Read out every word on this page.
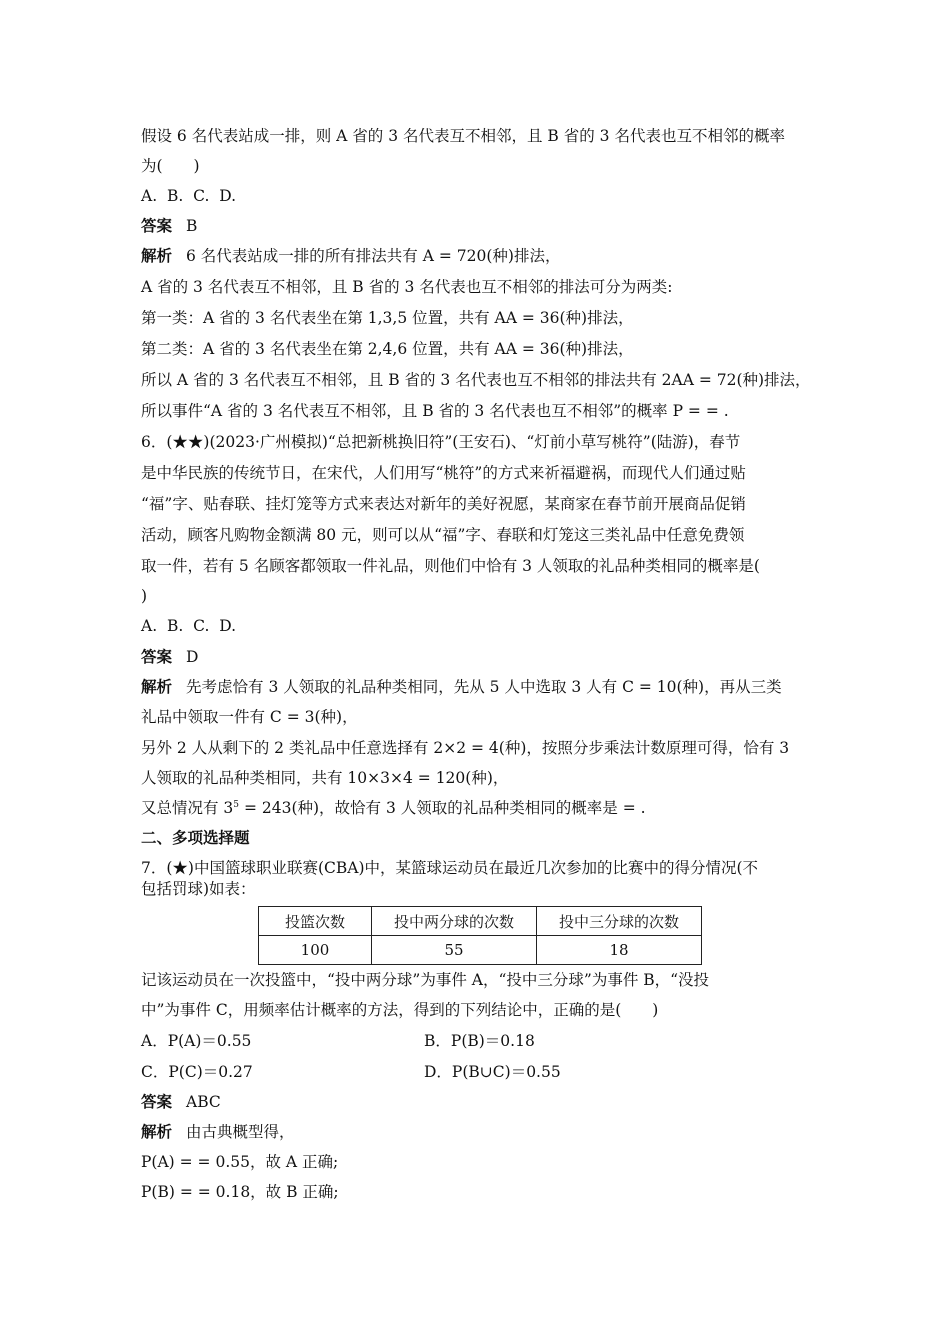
假设 6 名代表站成一排，则 A 省的 3 名代表互不相邻，且 B 省的 3 名代表也互不相邻的概率
为(　　)
A.  B.  C.  D.
答案 B
解析 6 名代表站成一排的所有排法共有 A = 720(种)排法，
A 省的 3 名代表互不相邻，且 B 省的 3 名代表也互不相邻的排法可分为两类:
第一类：A 省的 3 名代表坐在第 1,3,5 位置，共有 AA = 36(种)排法，
第二类：A 省的 3 名代表坐在第 2,4,6 位置，共有 AA = 36(种)排法，
所以 A 省的 3 名代表互不相邻，且 B 省的 3 名代表也互不相邻的排法共有 2AA = 72(种)排法，
所以事件“A 省的 3 名代表互不相邻，且 B 省的 3 名代表也互不相邻”的概率 P = = .
6．(★★)(2023·广州模拟)“总把新桃换旧符”(王安石)、“灯前小草写桃符”(陆游)，春节
是中华民族的传统节日，在宋代，人们用写“桃符”的方式来祈福避祸，而现代人们通过贴
“福”字、贴春联、挂灯笼等方式来表达对新年的美好祝愿，某商家在春节前开展商品促销
活动，顾客凡购物金额满 80 元，则可以从“福”字、春联和灯笼这三类礼品中任意免费领
取一件，若有 5 名顾客都领取一件礼品，则他们中恰有 3 人领取的礼品种类相同的概率是(
)
A.  B.  C.  D.
答案 D
解析 先考虑恰有 3 人领取的礼品种类相同，先从 5 人中选取 3 人有 C = 10(种)，再从三类
礼品中领取一件有 C = 3(种)，
另外 2 人从剩下的 2 类礼品中任意选择有 2×2 = 4(种)，按照分步乘法计数原理可得，恰有 3
人领取的礼品种类相同，共有 10×3×4 = 120(种)，
又总情况有 $3^5 = 243$(种)，故恰有 3 人领取的礼品种类相同的概率是 = .
二、多项选择题
7．(★)中国篮球职业联赛(CBA)中，某篮球运动员在最近几次参加的比赛中的得分情况(不
包括罚球)如表：
投篮次数	投中两分球的次数	投中三分球的次数
100	55	18
记该运动员在一次投篮中，“投中两分球”为事件 A，“投中三分球”为事件 B，“没投
中”为事件 C，用频率估计概率的方法，得到的下列结论中，正确的是(　　)
A．P(A)＝0.55	B．P(B)＝0.18
C．P(C)＝0.27	D．P(B∪C)＝0.55
答案 ABC
解析 由古典概型得，
P(A) = = 0.55，故 A 正确;
P(B) = = 0.18，故 B 正确;
